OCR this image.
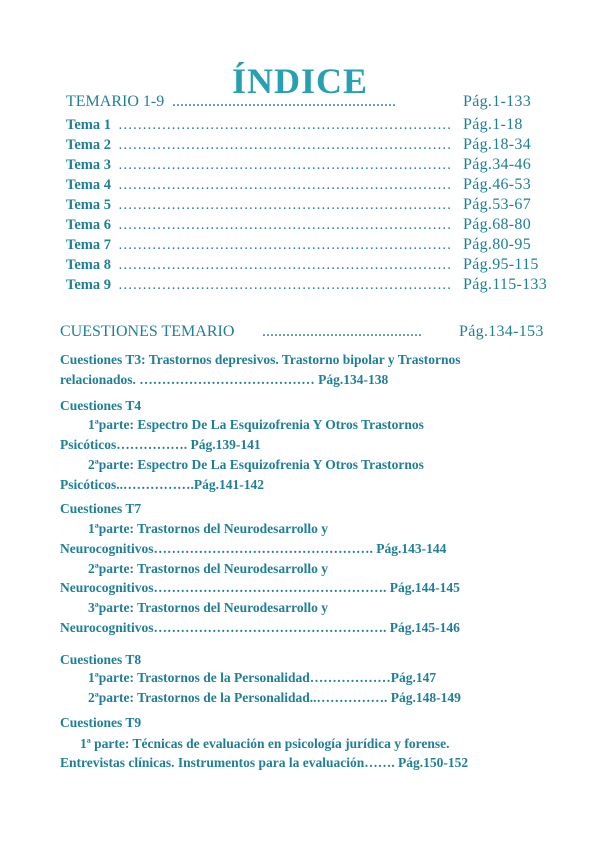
ÍNDICE
TEMARIO 1-9 ........................................................	Pág.1-133
Tema 1 …………………………………………………………… Pág.1-18
Tema 2 …………………………………………………………… Pág.18-34
Tema 3 …………………………………………………………… Pág.34-46
Tema 4 …………………………………………………………… Pág.46-53
Tema 5 …………………………………………………………… Pág.53-67
Tema 6 …………………………………………………………… Pág.68-80
Tema 7 …………………………………………………………… Pág.80-95
Tema 8 …………………………………………………………… Pág.95-115
Tema 9 …………………………………………………………… Pág.115-133
CUESTIONES TEMARIO ........................................	Pág.134-153
Cuestiones T3: Trastornos depresivos. Trastorno bipolar y Trastornos
relacionados. ………………………………… Pág.134-138
Cuestiones T4
1ªparte: Espectro De La Esquizofrenia Y Otros Trastornos
Psicóticos……………. Pág.139-141
2ªparte: Espectro De La Esquizofrenia Y Otros Trastornos
Psicóticos..…………….Pág.141-142
Cuestiones T7
1ªparte: Trastornos del Neurodesarrollo y
Neurocognitivos…………………………………………. Pág.143-144
2ªparte: Trastornos del Neurodesarrollo y
Neurocognitivos……………………………………………. Pág.144-145
3ªparte: Trastornos del Neurodesarrollo y
Neurocognitivos……………………………………………. Pág.145-146
Cuestiones T8
1ªparte: Trastornos de la Personalidad………………Pág.147
2ªparte: Trastornos de la Personalidad..……………. Pág.148-149
Cuestiones T9
1ª parte: Técnicas de evaluación en psicología jurídica y forense.
Entrevistas clínicas. Instrumentos para la evaluación……. Pág.150-152
